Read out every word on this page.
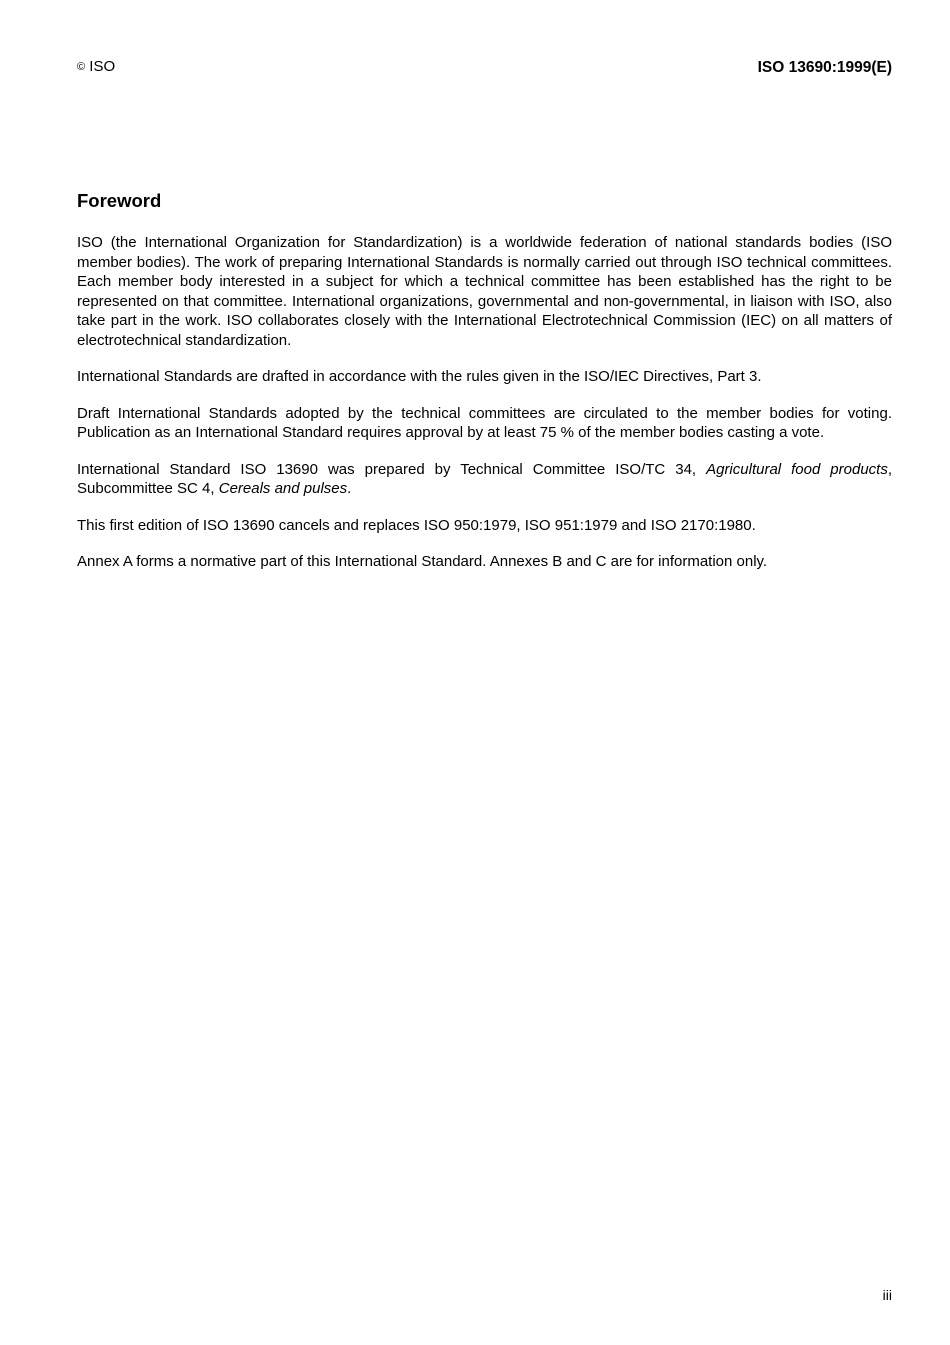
© ISO	ISO 13690:1999(E)
Foreword

ISO (the International Organization for Standardization) is a worldwide federation of national standards bodies (ISO member bodies). The work of preparing International Standards is normally carried out through ISO technical committees. Each member body interested in a subject for which a technical committee has been established has the right to be represented on that committee. International organizations, governmental and non-governmental, in liaison with ISO, also take part in the work. ISO collaborates closely with the International Electrotechnical Commission (IEC) on all matters of electrotechnical standardization.

International Standards are drafted in accordance with the rules given in the ISO/IEC Directives, Part 3.

Draft International Standards adopted by the technical committees are circulated to the member bodies for voting. Publication as an International Standard requires approval by at least 75 % of the member bodies casting a vote.

International Standard ISO 13690 was prepared by Technical Committee ISO/TC 34, Agricultural food products, Subcommittee SC 4, Cereals and pulses.

This first edition of ISO 13690 cancels and replaces ISO 950:1979, ISO 951:1979 and ISO 2170:1980.

Annex A forms a normative part of this International Standard. Annexes B and C are for information only.

iii
